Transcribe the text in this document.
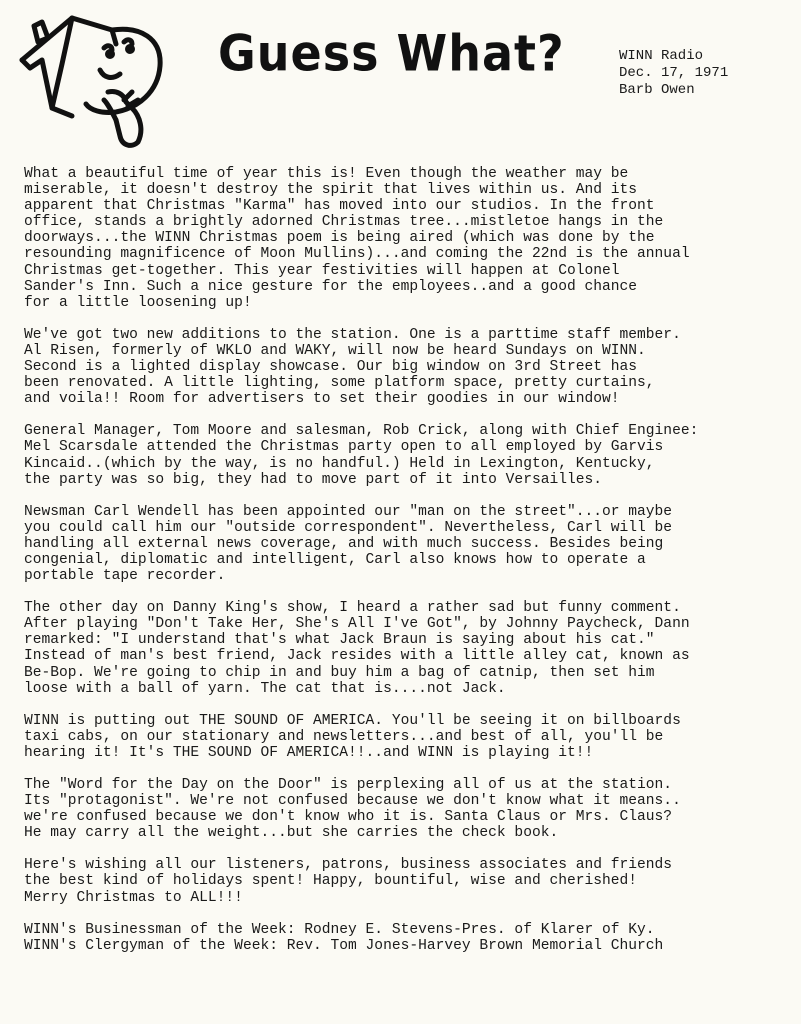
Guess What?	WINN Radio
Dec. 17, 1971
Barb Owen
What a beautiful time of year this is! Even though the weather may be
miserable, it doesn't destroy the spirit that lives within us. And its
apparent that Christmas "Karma" has moved into our studios. In the front
office, stands a brightly adorned Christmas tree...mistletoe hangs in the
doorways...the WINN Christmas poem is being aired (which was done by the
resounding magnificence of Moon Mullins)...and coming the 22nd is the annual
Christmas get-together. This year festivities will happen at Colonel
Sander's Inn. Such a nice gesture for the employees..and a good chance
for a little loosening up!
We've got two new additions to the station. One is a parttime staff member.
Al Risen, formerly of WKLO and WAKY, will now be heard Sundays on WINN.
Second is a lighted display showcase. Our big window on 3rd Street has
been renovated. A little lighting, some platform space, pretty curtains,
and voila!! Room for advertisers to set their goodies in our window!
General Manager, Tom Moore and salesman, Rob Crick, along with Chief Enginee:
Mel Scarsdale attended the Christmas party open to all employed by Garvis
Kincaid..(which by the way, is no handful.) Held in Lexington, Kentucky,
the party was so big, they had to move part of it into Versailles.
Newsman Carl Wendell has been appointed our "man on the street"...or maybe
you could call him our "outside correspondent". Nevertheless, Carl will be
handling all external news coverage, and with much success. Besides being
congenial, diplomatic and intelligent, Carl also knows how to operate a
portable tape recorder.
The other day on Danny King's show, I heard a rather sad but funny comment.
After playing "Don't Take Her, She's All I've Got", by Johnny Paycheck, Dann
remarked: "I understand that's what Jack Braun is saying about his cat."
Instead of man's best friend, Jack resides with a little alley cat, known as
Be-Bop. We're going to chip in and buy him a bag of catnip, then set him
loose with a ball of yarn. The cat that is....not Jack.
WINN is putting out THE SOUND OF AMERICA. You'll be seeing it on billboards
taxi cabs, on our stationary and newsletters...and best of all, you'll be
hearing it! It's THE SOUND OF AMERICA!!..and WINN is playing it!!
The "Word for the Day on the Door" is perplexing all of us at the station.
Its "protagonist". We're not confused because we don't know what it means..
we're confused because we don't know who it is. Santa Claus or Mrs. Claus?
He may carry all the weight...but she carries the check book.
Here's wishing all our listeners, patrons, business associates and friends
the best kind of holidays spent! Happy, bountiful, wise and cherished!
Merry Christmas to ALL!!!
WINN's Businessman of the Week: Rodney E. Stevens-Pres. of Klarer of Ky.
WINN's Clergyman of the Week: Rev. Tom Jones-Harvey Brown Memorial Church
